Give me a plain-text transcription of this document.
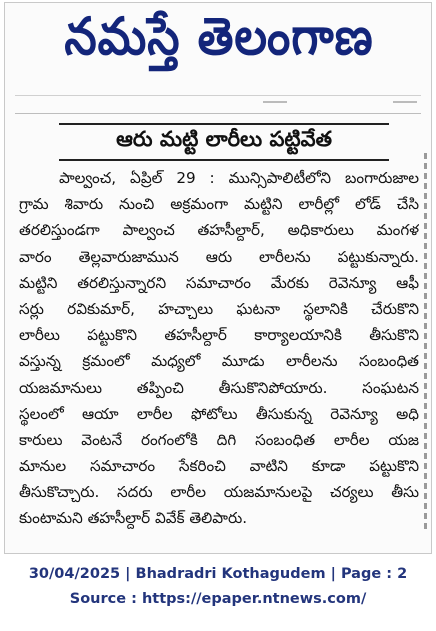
నమస్తే తెలంగాణ
ఆరు మట్టి లారీలు పట్టివేత
పాల్వంచ, ఏప్రిల్ 29 : మున్సిపాలిటీలోని బంగారుజాల
గ్రామ శివారు నుంచి అక్రమంగా మట్టిని లారీల్లో లోడ్ చేసి
తరలిస్తుండగా పాల్వంచ తహసీల్దార్, అధికారులు మంగళ
వారం తెల్లవారుజామున ఆరు లారీలను పట్టుకున్నారు.
మట్టిని తరలిస్తున్నారని సమాచారం మేరకు రెవెన్యూ ఆఫీ
సర్లు రవికుమార్, హచ్చాలు ఘటనా స్థలానికి చేరుకొని
లారీలు పట్టుకొని తహసీల్దార్ కార్యాలయానికి తీసుకొని
వస్తున్న క్రమంలో మధ్యలో మూడు లారీలను సంబంధిత
యజమానులు తప్పించి తీసుకొనిపోయారు. సంఘటన
స్థలంలో ఆయా లారీల ఫోటోలు తీసుకున్న రెవెన్యూ అధి
కారులు వెంటనే రంగంలోకి దిగి సంబంధిత లారీల యజ
మానుల సమాచారం సేకరించి వాటిని కూడా పట్టుకొని
తీసుకొచ్చారు. సదరు లారీల యజమానులపై చర్యలు తీసు
కుంటామని తహసీల్దార్ వివేక్ తెలిపారు.
30/04/2025 | Bhadradri Kothagudem | Page : 2
Source : https://epaper.ntnews.com/
